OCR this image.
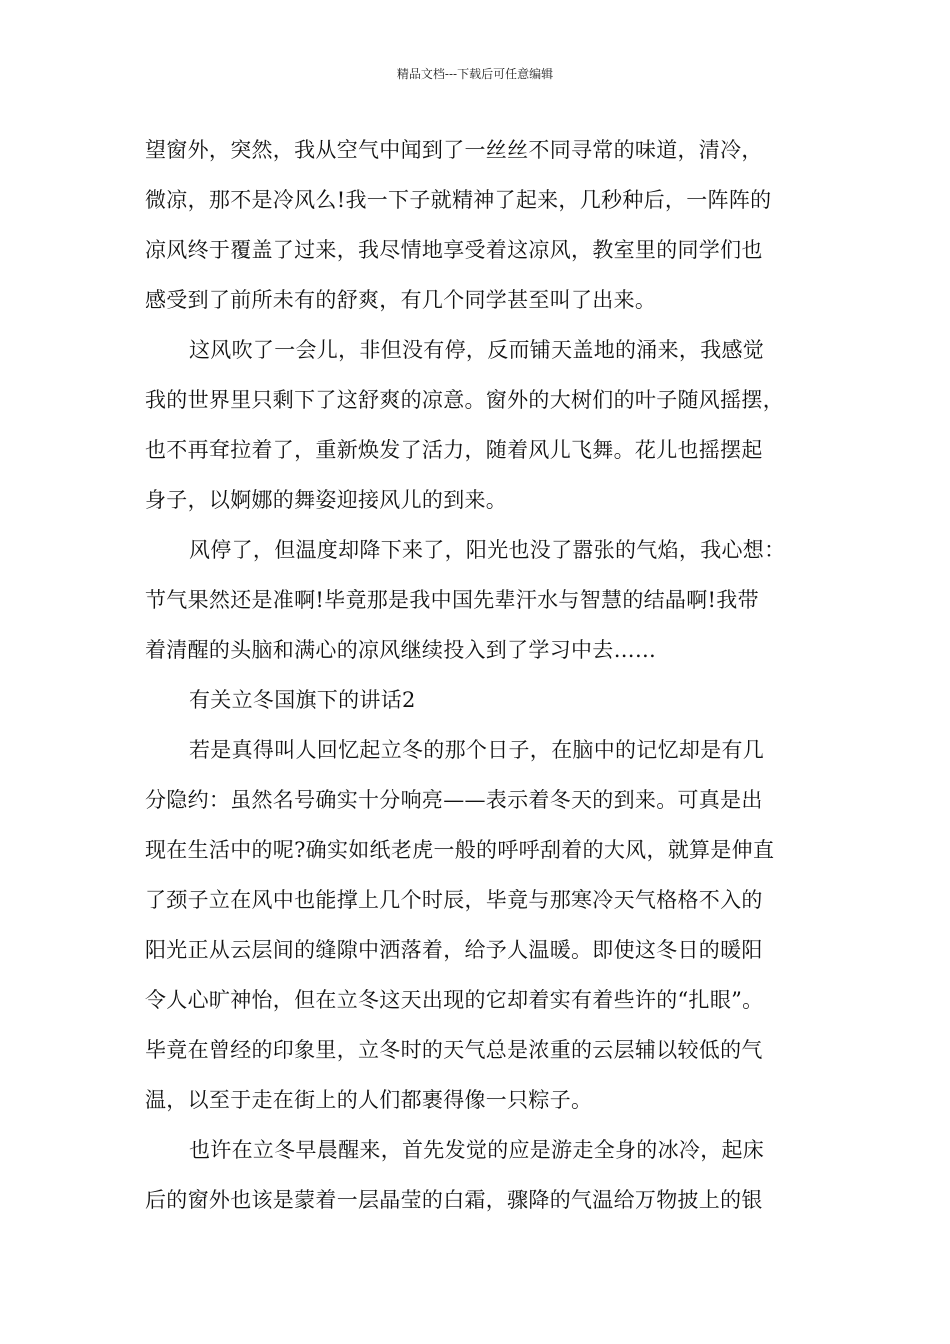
精品文档---下载后可任意编辑
望窗外，突然，我从空气中闻到了一丝丝不同寻常的味道，清冷，
微凉，那不是冷风么!我一下子就精神了起来，几秒种后，一阵阵的
凉风终于覆盖了过来，我尽情地享受着这凉风，教室里的同学们也
感受到了前所未有的舒爽，有几个同学甚至叫了出来。
这风吹了一会儿，非但没有停，反而铺天盖地的涌来，我感觉
我的世界里只剩下了这舒爽的凉意。窗外的大树们的叶子随风摇摆，
也不再耷拉着了，重新焕发了活力，随着风儿飞舞。花儿也摇摆起
身子，以婀娜的舞姿迎接风儿的到来。
风停了，但温度却降下来了，阳光也没了嚣张的气焰，我心想：
节气果然还是准啊!毕竟那是我中国先辈汗水与智慧的结晶啊!我带
着清醒的头脑和满心的凉风继续投入到了学习中去……
有关立冬国旗下的讲话2
若是真得叫人回忆起立冬的那个日子，在脑中的记忆却是有几
分隐约：虽然名号确实十分响亮——表示着冬天的到来。可真是出
现在生活中的呢?确实如纸老虎一般的呼呼刮着的大风，就算是伸直
了颈子立在风中也能撑上几个时辰，毕竟与那寒冷天气格格不入的
阳光正从云层间的缝隙中洒落着，给予人温暖。即使这冬日的暖阳
令人心旷神怡，但在立冬这天出现的它却着实有着些许的“扎眼”。
毕竟在曾经的印象里，立冬时的天气总是浓重的云层辅以较低的气
温，以至于走在街上的人们都裹得像一只粽子。
也许在立冬早晨醒来，首先发觉的应是游走全身的冰冷，起床
后的窗外也该是蒙着一层晶莹的白霜，骤降的气温给万物披上的银
